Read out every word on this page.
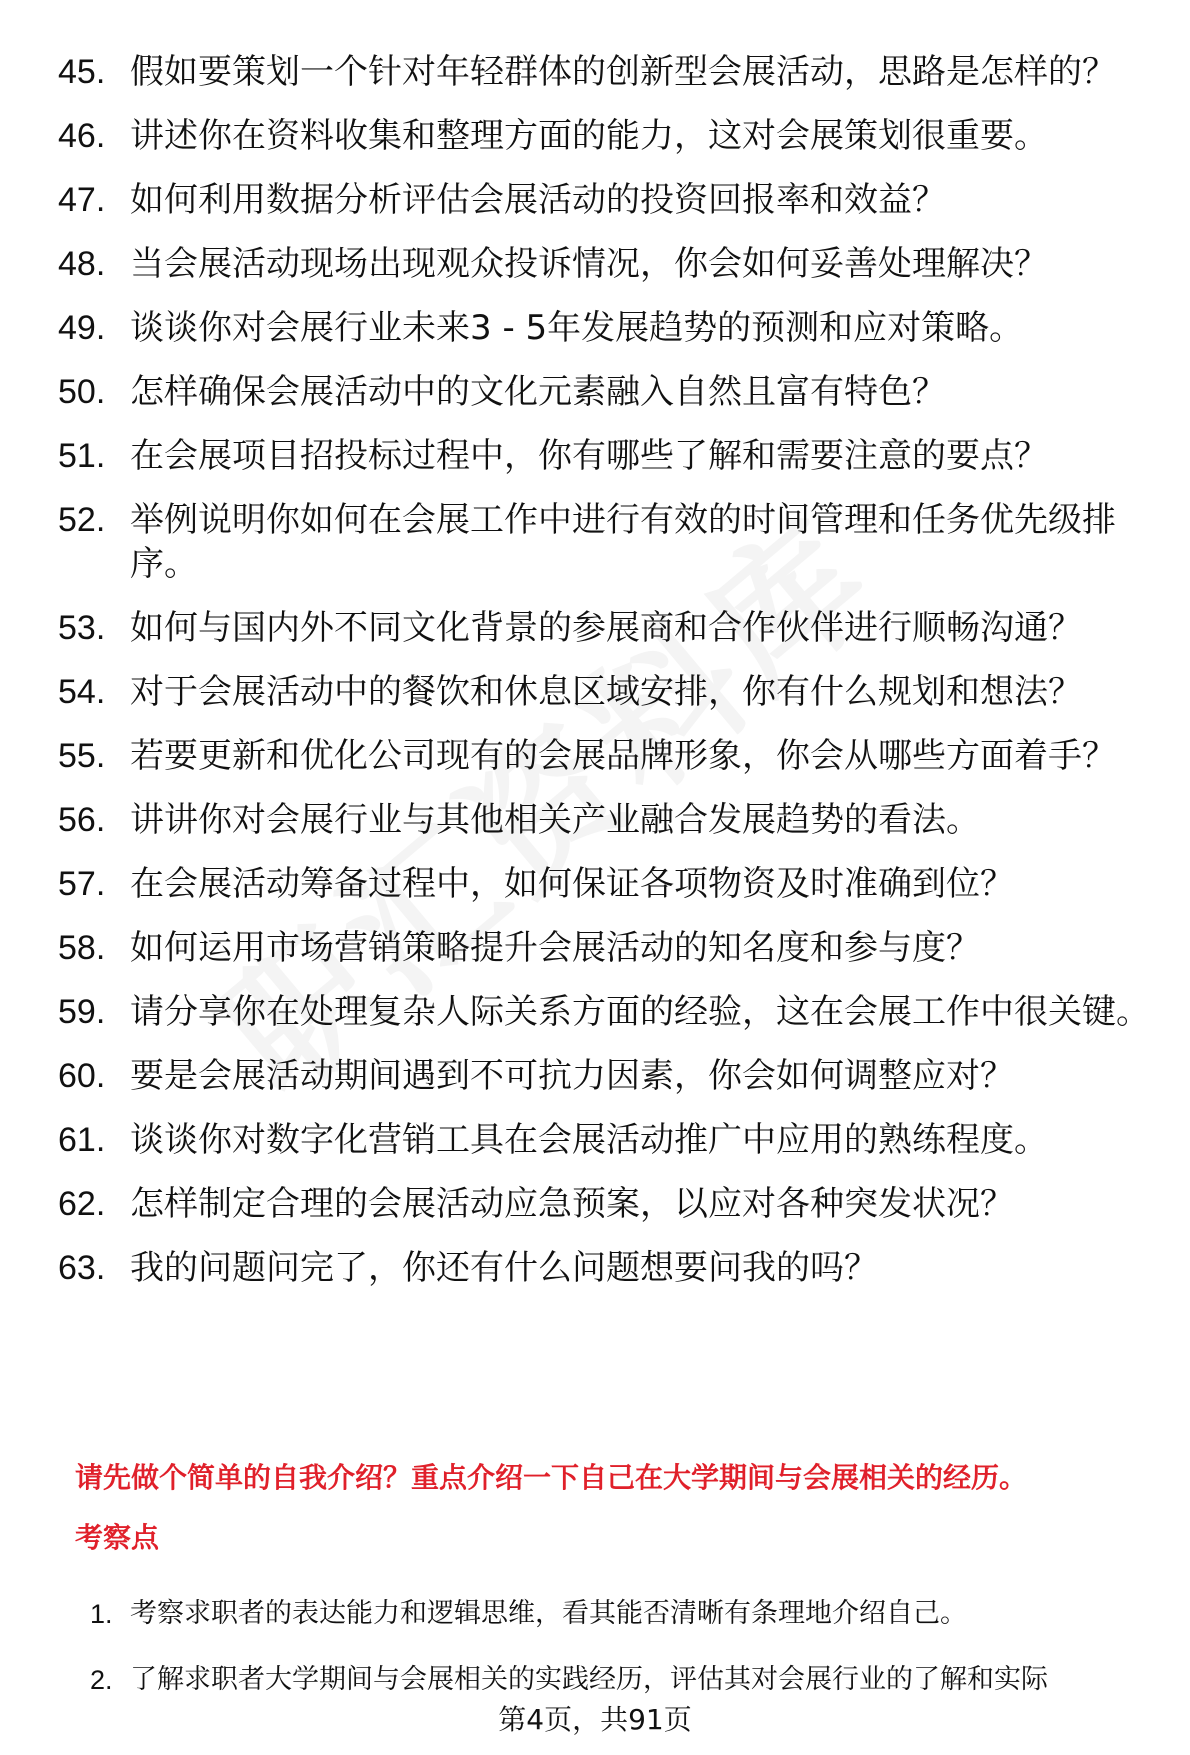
45. 假如要策划一个针对年轻群体的创新型会展活动，思路是怎样的？
46. 讲述你在资料收集和整理方面的能力，这对会展策划很重要。
47. 如何利用数据分析评估会展活动的投资回报率和效益？
48. 当会展活动现场出现观众投诉情况，你会如何妥善处理解决？
49. 谈谈你对会展行业未来3 - 5年发展趋势的预测和应对策略。
50. 怎样确保会展活动中的文化元素融入自然且富有特色？
51. 在会展项目招投标过程中，你有哪些了解和需要注意的要点？
52. 举例说明你如何在会展工作中进行有效的时间管理和任务优先级排序。
53. 如何与国内外不同文化背景的参展商和合作伙伴进行顺畅沟通？
54. 对于会展活动中的餐饮和休息区域安排，你有什么规划和想法？
55. 若要更新和优化公司现有的会展品牌形象，你会从哪些方面着手？
56. 讲讲你对会展行业与其他相关产业融合发展趋势的看法。
57. 在会展活动筹备过程中，如何保证各项物资及时准确到位？
58. 如何运用市场营销策略提升会展活动的知名度和参与度？
59. 请分享你在处理复杂人际关系方面的经验，这在会展工作中很关键。
60. 要是会展活动期间遇到不可抗力因素，你会如何调整应对？
61. 谈谈你对数字化营销工具在会展活动推广中应用的熟练程度。
62. 怎样制定合理的会展活动应急预案，以应对各种突发状况？
63. 我的问题问完了，你还有什么问题想要问我的吗？
请先做个简单的自我介绍？重点介绍一下自己在大学期间与会展相关的经历。
考察点
1. 考察求职者的表达能力和逻辑思维，看其能否清晰有条理地介绍自己。
2. 了解求职者大学期间与会展相关的实践经历，评估其对会展行业的了解和实际
第4页，共91页
